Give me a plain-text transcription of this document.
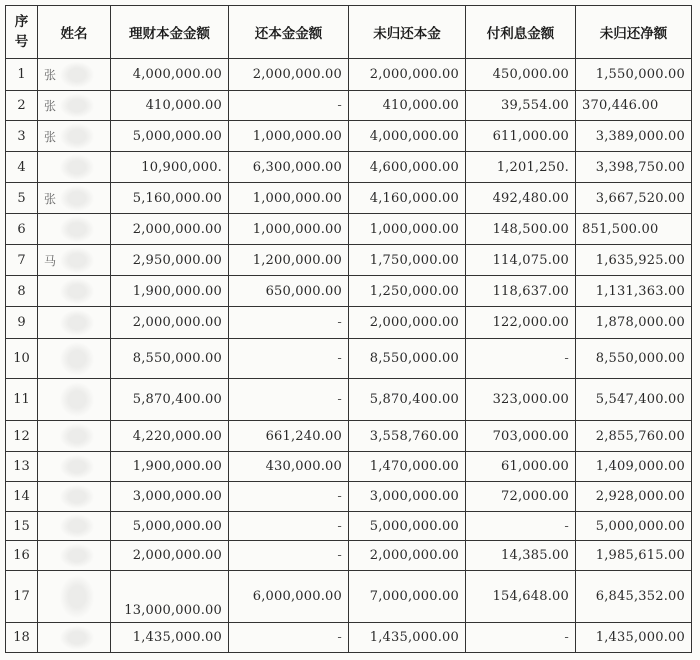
序
号	姓名	理财本金金额	还本金金额	未归还本金	付利息金额	未归还净额
1	张	4,000,000.00	2,000,000.00	2,000,000.00	450,000.00	1,550,000.00
2	张	410,000.00	-	410,000.00	39,554.00	370,446.00
3	张	5,000,000.00	1,000,000.00	4,000,000.00	611,000.00	3,389,000.00
4		10,900,000.	6,300,000.00	4,600,000.00	1,201,250.	3,398,750.00
5	张	5,160,000.00	1,000,000.00	4,160,000.00	492,480.00	3,667,520.00
6		2,000,000.00	1,000,000.00	1,000,000.00	148,500.00	851,500.00
7	马	2,950,000.00	1,200,000.00	1,750,000.00	114,075.00	1,635,925.00
8		1,900,000.00	650,000.00	1,250,000.00	118,637.00	1,131,363.00
9		2,000,000.00	-	2,000,000.00	122,000.00	1,878,000.00
10		8,550,000.00	-	8,550,000.00	-	8,550,000.00
11		5,870,400.00	-	5,870,400.00	323,000.00	5,547,400.00
12		4,220,000.00	661,240.00	3,558,760.00	703,000.00	2,855,760.00
13		1,900,000.00	430,000.00	1,470,000.00	61,000.00	1,409,000.00
14		3,000,000.00	-	3,000,000.00	72,000.00	2,928,000.00
15		5,000,000.00	-	5,000,000.00	-	5,000,000.00
16		2,000,000.00	-	2,000,000.00	14,385.00	1,985,615.00
17		13,000,000.00	6,000,000.00	7,000,000.00	154,648.00	6,845,352.00
18		1,435,000.00	-	1,435,000.00	-	1,435,000.00
